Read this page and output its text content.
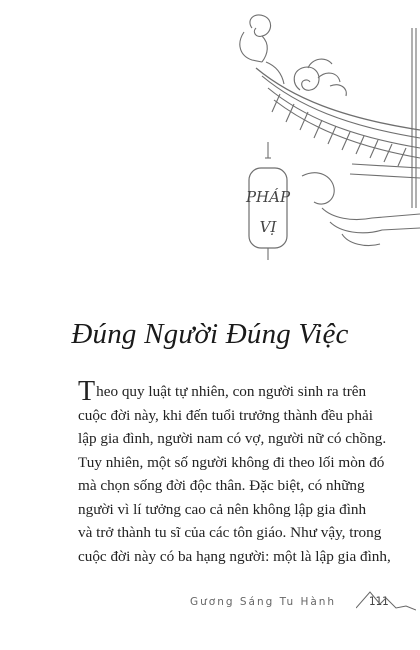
PHÁP
VỊ
Đúng Người Đúng Việc
Theo quy luật tự nhiên, con người sinh ra trên
cuộc đời này, khi đến tuổi trưởng thành đều phải
lập gia đình, người nam có vợ, người nữ có chồng.
Tuy nhiên, một số người không đi theo lối mòn đó
mà chọn sống đời độc thân. Đặc biệt, có những
người vì lí tưởng cao cả nên không lập gia đình
và trở thành tu sĩ của các tôn giáo. Như vậy, trong
cuộc đời này có ba hạng người: một là lập gia đình,
Gương Sáng Tu Hành	111
